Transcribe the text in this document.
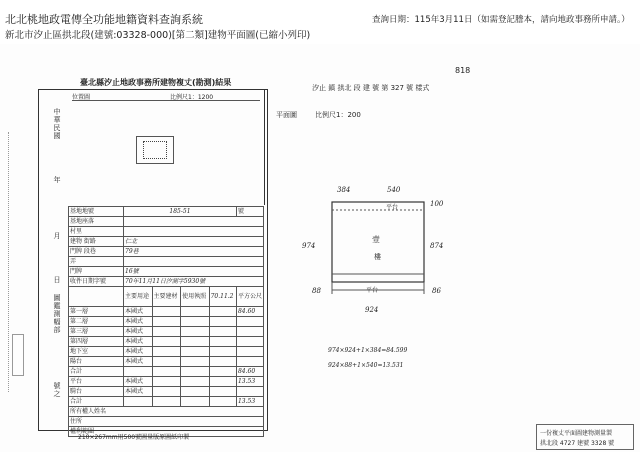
北北桃地政電傳全功能地籍資料查詢系統
新北市汐止區拱北段(建號:03328-000)[第二類]建物平面圖(已縮小列印)
查詢日期：115年3月11日（如需登記謄本，請向地政事務所申請。）
臺北縣汐止地政事務所建物複丈(勘測)結果
位置圖	比例尺1：1200
中華民國
年
月
日
圖鑑測幅部
號之
基地地號	185-51				號
基地座落					
村里					
建物 街路	仁北				
門牌 段巷	79巷				
弄					
門牌	16號				
收件日期字號	70年11月11日汐測字5930號				
	主要用途	主要建材	使用執照	70.11.2	平方公尺
第一層	本國式				84.60
第二層	本國式				
第三層	本國式				
第四層	本國式				
地下室	本國式				
陽台	本國式				
合計					84.60
平台	本國式				13.53
騎台	本國式				
合計					13.53
所有權人姓名					
住所					
權利範圍					
210×267mm用500號圖量版原圖紙印製
818
汐止 鎮 拱北 段 建 號 第 327 號 樣式
平面圖	比例尺1：200
384	540
100
平台
壹
樓
974	874
平台
88	86
924
974×924+1×384=84.599
924×88+1×540=13.531
一份複丈平面圖建物測量製
拱北段 4727 建號 3328 號
